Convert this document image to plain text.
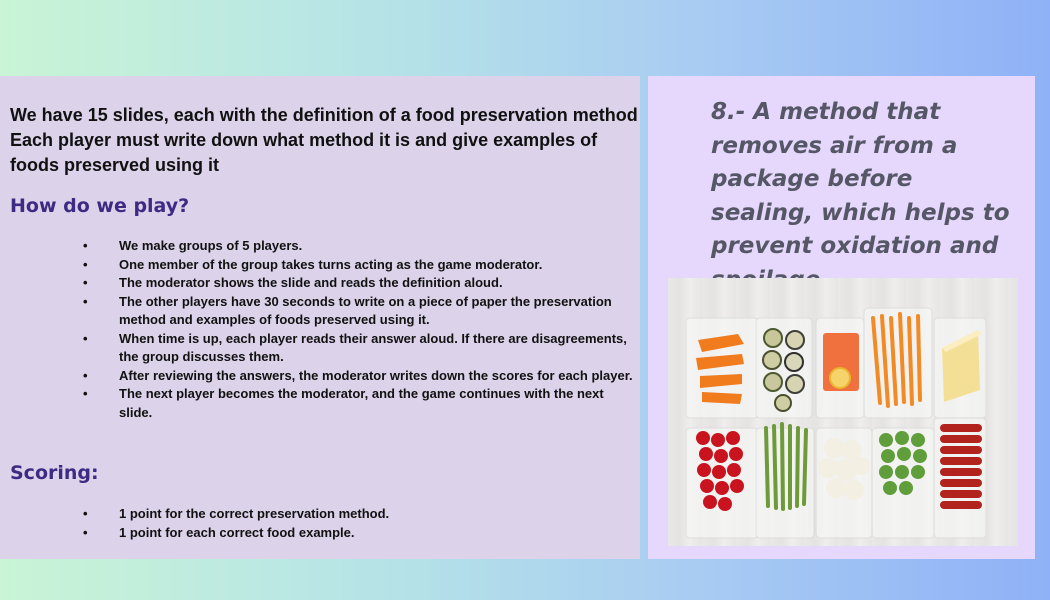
We have 15 slides, each with the definition of a food preservation method
Each player must write down what method it is and give examples of
foods preserved using it
How do we play?
• We make groups of 5 players.
• One member of the group takes turns acting as the game moderator.
• The moderator shows the slide and reads the definition aloud.
• The other players have 30 seconds to write on a piece of paper the preservation method and examples of foods preserved using it.
• When time is up, each player reads their answer aloud. If there are disagreements, the group discusses them.
• After reviewing the answers, the moderator writes down the scores for each player.
• The next player becomes the moderator, and the game continues with the next slide.
Scoring:
• 1 point for the correct preservation method.
• 1 point for each correct food example.

8.- A method that removes air from a package before sealing, which helps to prevent oxidation and
